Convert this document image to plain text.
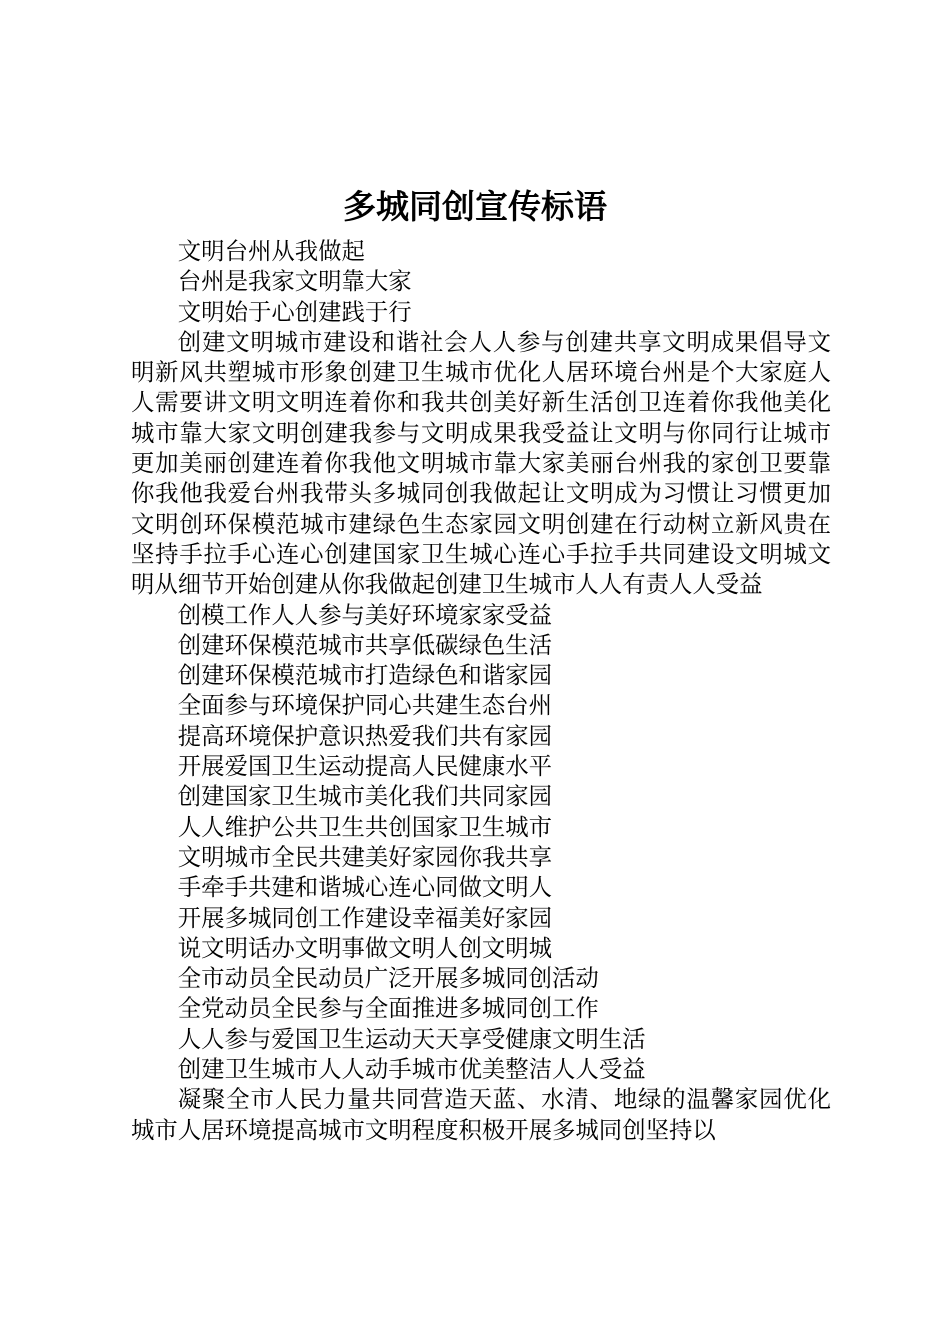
多城同创宣传标语

文明台州从我做起

台州是我家文明靠大家

文明始于心创建践于行

创建文明城市建设和谐社会人人参与创建共享文明成果倡导文明新风共塑城市形象创建卫生城市优化人居环境台州是个大家庭人人需要讲文明文明连着你和我共创美好新生活创卫连着你我他美化城市靠大家文明创建我参与文明成果我受益让文明与你同行让城市更加美丽创建连着你我他文明城市靠大家美丽台州我的家创卫要靠你我他我爱台州我带头多城同创我做起让文明成为习惯让习惯更加文明创环保模范城市建绿色生态家园文明创建在行动树立新风贵在坚持手拉手心连心创建国家卫生城心连心手拉手共同建设文明城文明从细节开始创建从你我做起创建卫生城市人人有责人人受益

创模工作人人参与美好环境家家受益

创建环保模范城市共享低碳绿色生活

创建环保模范城市打造绿色和谐家园

全面参与环境保护同心共建生态台州

提高环境保护意识热爱我们共有家园

开展爱国卫生运动提高人民健康水平

创建国家卫生城市美化我们共同家园

人人维护公共卫生共创国家卫生城市

文明城市全民共建美好家园你我共享

手牵手共建和谐城心连心同做文明人

开展多城同创工作建设幸福美好家园

说文明话办文明事做文明人创文明城

全市动员全民动员广泛开展多城同创活动

全党动员全民参与全面推进多城同创工作

人人参与爱国卫生运动天天享受健康文明生活

创建卫生城市人人动手城市优美整洁人人受益

凝聚全市人民力量共同营造天蓝、水清、地绿的温馨家园优化城市人居环境提高城市文明程度积极开展多城同创坚持以
